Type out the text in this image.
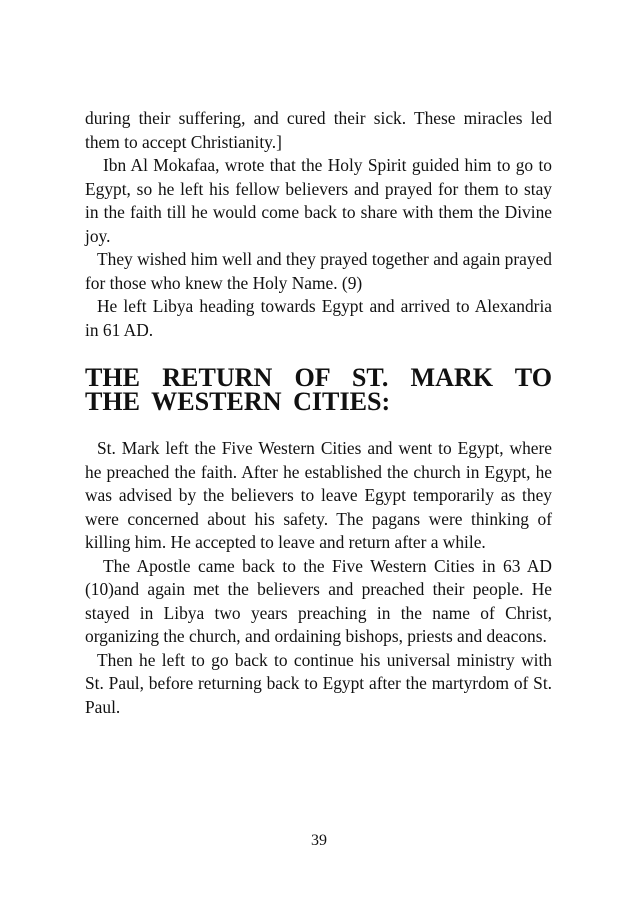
during their suffering, and cured their sick. These miracles led them to accept Christianity.]

Ibn Al Mokafaa, wrote that the Holy Spirit guided him to go to Egypt, so he left his fellow believers and prayed for them to stay in the faith till he would come back to share with them the Divine joy.

They wished him well and they prayed together and again prayed for those who knew the Holy Name. (9)

He left Libya heading towards Egypt and arrived to Alexandria in 61 AD.

THE RETURN OF ST. MARK TO THE WESTERN CITIES:

St. Mark left the Five Western Cities and went to Egypt, where he preached the faith. After he established the church in Egypt, he was advised by the believers to leave Egypt temporarily as they were concerned about his safety. The pagans were thinking of killing him. He accepted to leave and return after a while.

The Apostle came back to the Five Western Cities in 63 AD (10)and again met the believers and preached their people. He stayed in Libya two years preaching in the name of Christ, organizing the church, and ordaining bishops, priests and deacons.

Then he left to go back to continue his universal ministry with St. Paul, before returning back to Egypt after the martyrdom of St. Paul.

39
